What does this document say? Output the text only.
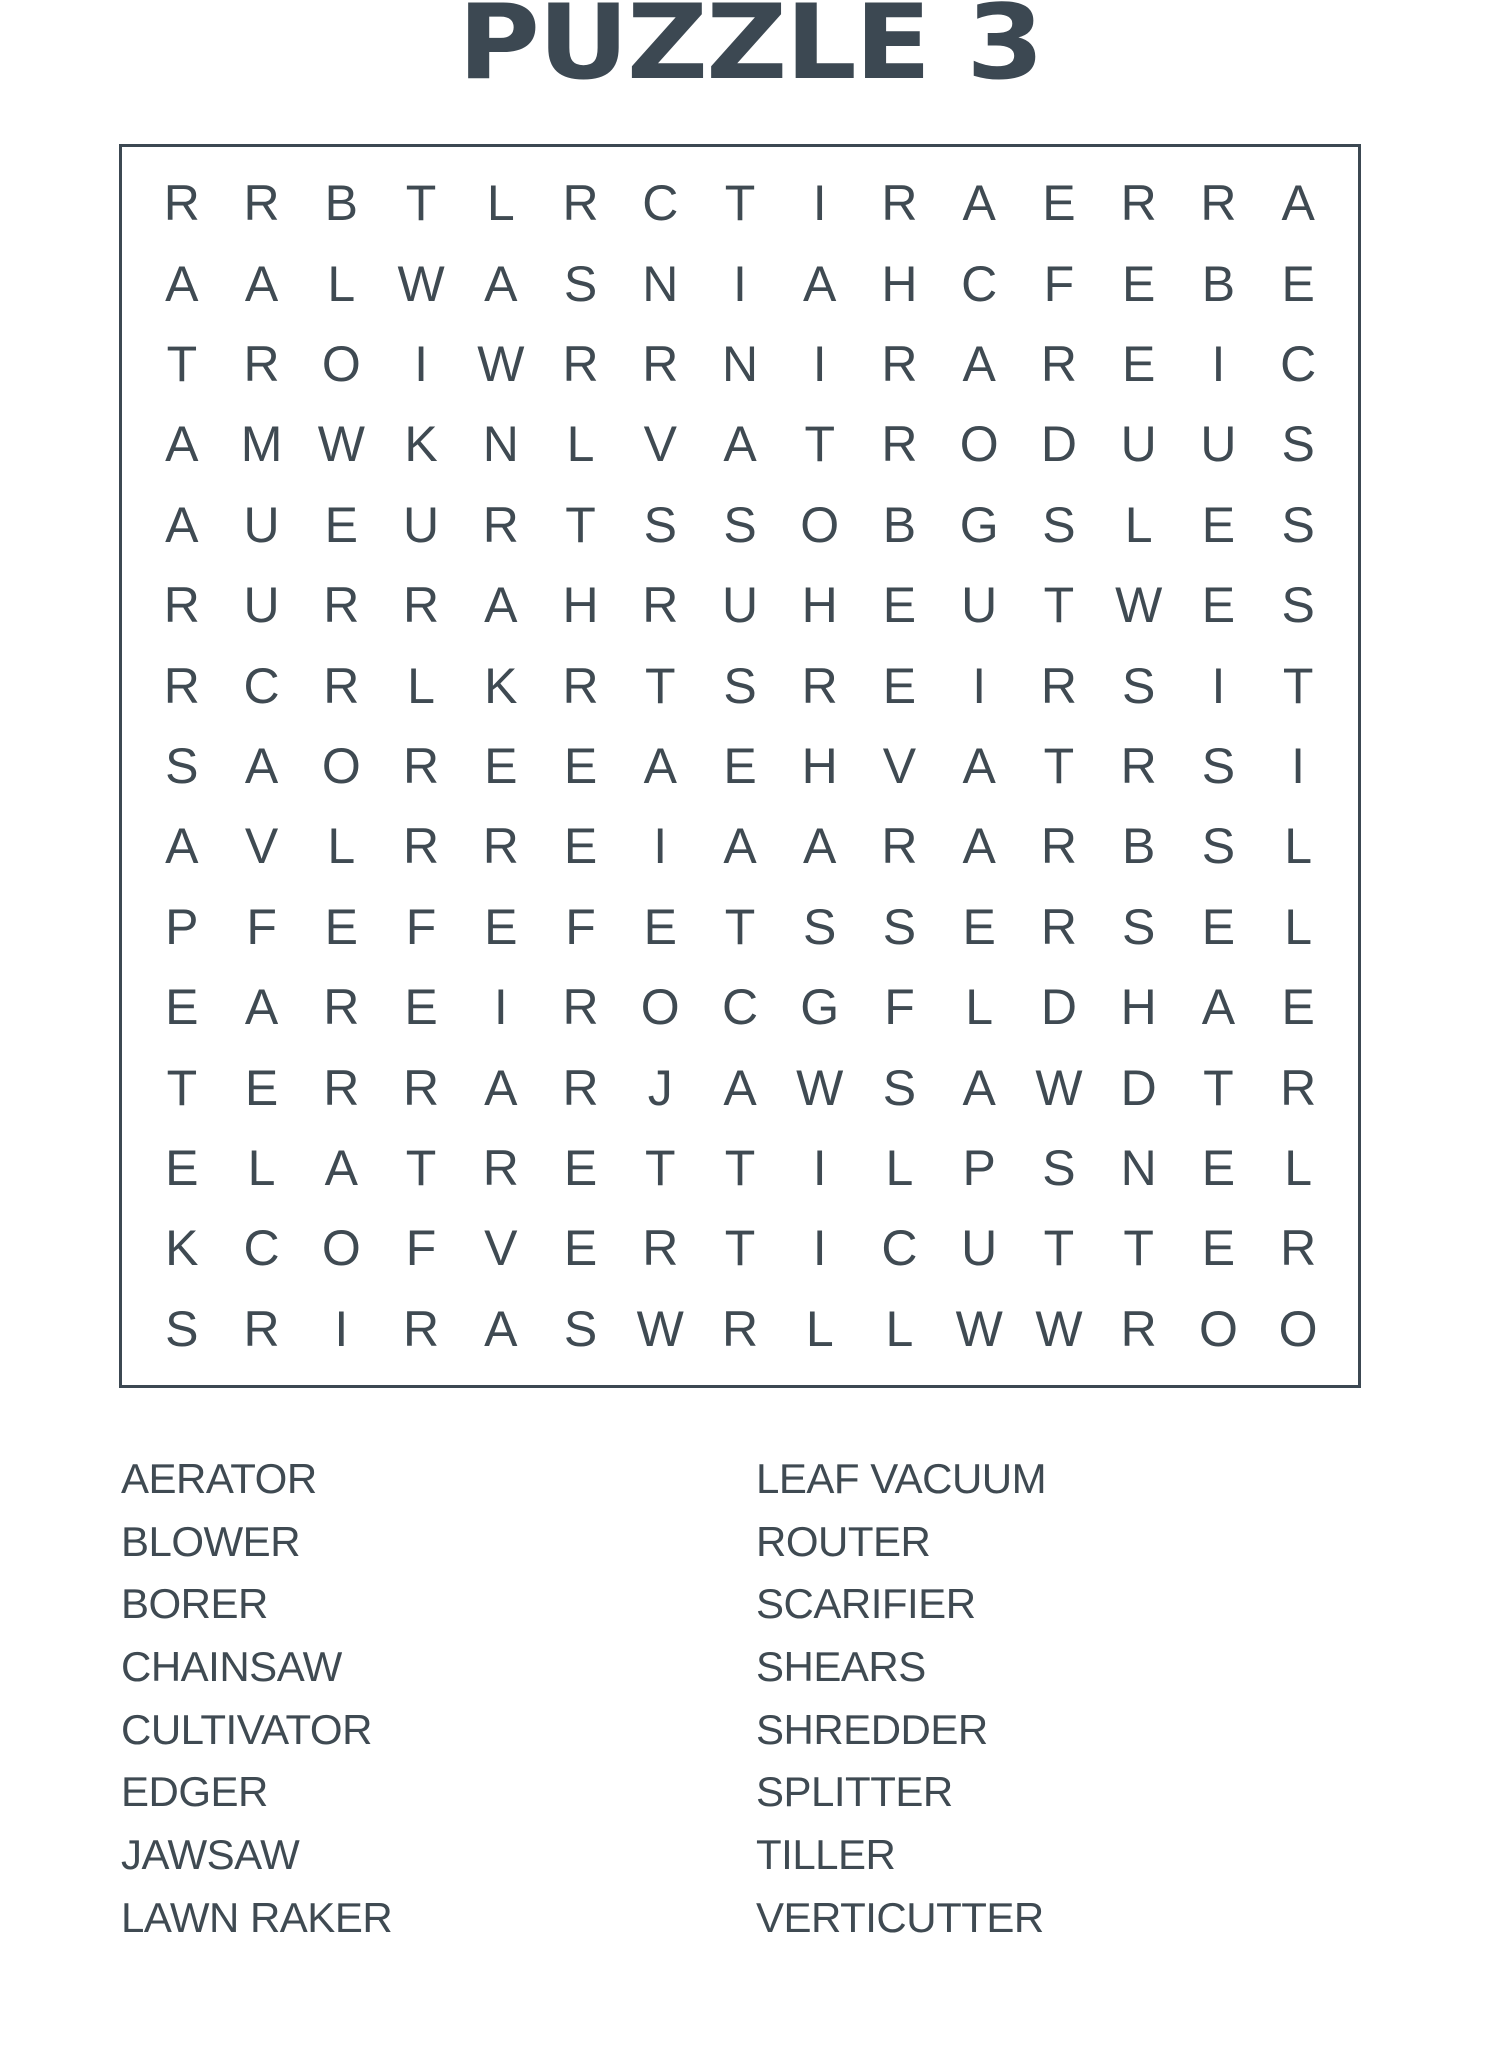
PUZZLE 3
R R B T	L R C T	I	R A E R R A
A A L W A S N	I	A H C F E B E
T R O	I W R R N	I	R A R E	I	C
A M W K N L V A T R O D U U S
A U E U R T S S O B G S L E S
R U R R A H R U H E U T W E S
R C R L K R T S R E	I	R S	I	T
S A O R E E A E H V A T R S	I
A V L R R E	I	A A R A R B S L
P F E F E F E T S S E R S E L
E A R E	I	R O C G F	L D H A E
T E R R A R J	A W S A W D T R
E L A T R E T T	I	L P S N E L
K C O F V E R T	I	C U T T E R
S R	I	R A S W R L	L W W R O O
AERATOR
BLOWER
BORER
CHAINSAW
CULTIVATOR
EDGER
JAWSAW
LAWN RAKER
LEAF VACUUM
ROUTER
SCARIFIER
SHEARS
SHREDDER
SPLITTER
TILLER
VERTICUTTER
